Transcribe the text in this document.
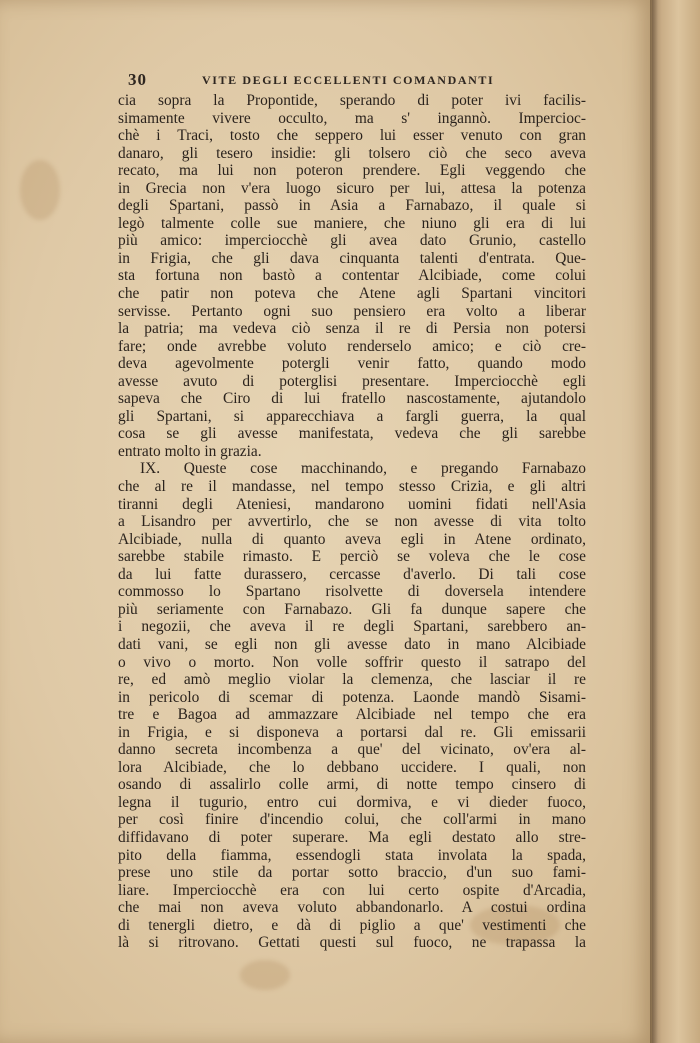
30	VITE DEGLI ECCELLENTI COMANDANTI
cia sopra la Propontide, sperando di poter ivi facilis-
simamente vivere occulto, ma s' ingannò. Impercioc-
chè i Traci, tosto che seppero lui esser venuto con gran
danaro, gli tesero insidie: gli tolsero ciò che seco aveva
recato, ma lui non poteron prendere. Egli veggendo che
in Grecia non v'era luogo sicuro per lui, attesa la potenza
degli Spartani, passò in Asia a Farnabazo, il quale si
legò talmente colle sue maniere, che niuno gli era di lui
più amico: imperciocchè gli avea dato Grunio, castello
in Frigia, che gli dava cinquanta talenti d'entrata. Que-
sta fortuna non bastò a contentar Alcibiade, come colui
che patir non poteva che Atene agli Spartani vincitori
servisse. Pertanto ogni suo pensiero era volto a liberar
la patria; ma vedeva ciò senza il re di Persia non potersi
fare; onde avrebbe voluto renderselo amico; e ciò cre-
deva agevolmente potergli venir fatto, quando modo
avesse avuto di poterglisi presentare. Imperciocchè egli
sapeva che Ciro di lui fratello nascostamente, ajutandolo
gli Spartani, si apparecchiava a fargli guerra, la qual
cosa se gli avesse manifestata, vedeva che gli sarebbe
entrato molto in grazia.
IX. Queste cose macchinando, e pregando Farnabazo
che al re il mandasse, nel tempo stesso Crizia, e gli altri
tiranni degli Ateniesi, mandarono uomini fidati nell'Asia
a Lisandro per avvertirlo, che se non avesse di vita tolto
Alcibiade, nulla di quanto aveva egli in Atene ordinato,
sarebbe stabile rimasto. E perciò se voleva che le cose
da lui fatte durassero, cercasse d'averlo. Di tali cose
commosso lo Spartano risolvette di doversela intendere
più seriamente con Farnabazo. Gli fa dunque sapere che
i negozii, che aveva il re degli Spartani, sarebbero an-
dati vani, se egli non gli avesse dato in mano Alcibiade
o vivo o morto. Non volle soffrir questo il satrapo del
re, ed amò meglio violar la clemenza, che lasciar il re
in pericolo di scemar di potenza. Laonde mandò Sisami-
tre e Bagoa ad ammazzare Alcibiade nel tempo che era
in Frigia, e si disponeva a portarsi dal re. Gli emissarii
danno secreta incombenza a que' del vicinato, ov'era al-
lora Alcibiade, che lo debbano uccidere. I quali, non
osando di assalirlo colle armi, di notte tempo cinsero di
legna il tugurio, entro cui dormiva, e vi dieder fuoco,
per così finire d'incendio colui, che coll'armi in mano
diffidavano di poter superare. Ma egli destato allo stre-
pito della fiamma, essendogli stata involata la spada,
prese uno stile da portar sotto braccio, d'un suo fami-
liare. Imperciocchè era con lui certo ospite d'Arcadia,
che mai non aveva voluto abbandonarlo. A costui ordina
di tenergli dietro, e dà di piglio a que' vestimenti che
là si ritrovano. Gettati questi sul fuoco, ne trapassa la
